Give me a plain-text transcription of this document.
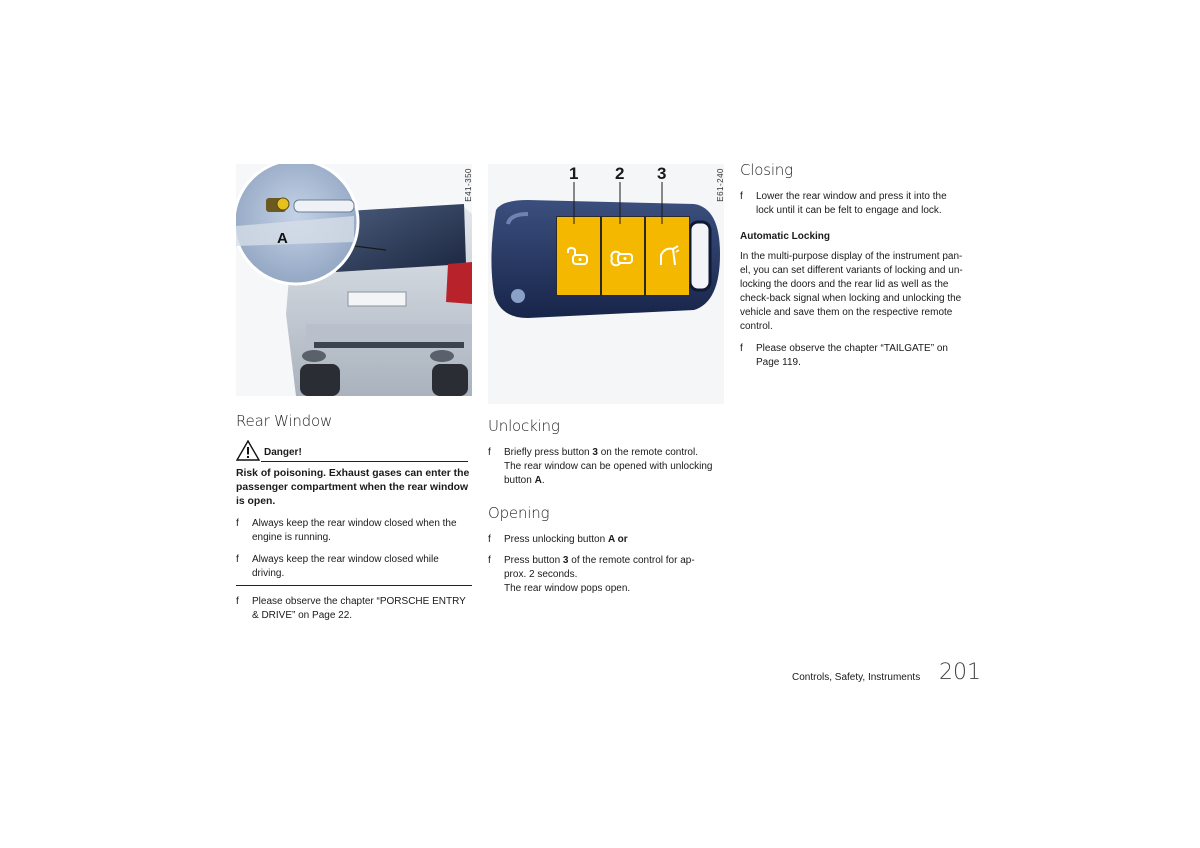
A
E41-350	1 2 3	E61-240
Rear Window
Danger!
Risk of poisoning. Exhaust gases can enter the passenger compartment when the rear window is open.
f Always keep the rear window closed when the
engine is running.
f Always keep the rear window closed while
driving.
f Please observe the chapter “PORSCHE ENTRY
& DRIVE” on Page 22.
Unlocking
f Briefly press button 3 on the remote control.
The rear window can be opened with unlocking
button A.
Opening
f Press unlocking button A or
f Press button 3 of the remote control for ap-
prox. 2 seconds.
The rear window pops open.
Closing
f Lower the rear window and press it into the
lock until it can be felt to engage and lock.
Automatic Locking
In the multi-purpose display of the instrument pan-
el, you can set different variants of locking and un-
locking the doors and the rear lid as well as the
check-back signal when locking and unlocking the
vehicle and save them on the respective remote
control.
f Please observe the chapter “TAILGATE” on
Page 119.
Controls, Safety, Instruments 201
